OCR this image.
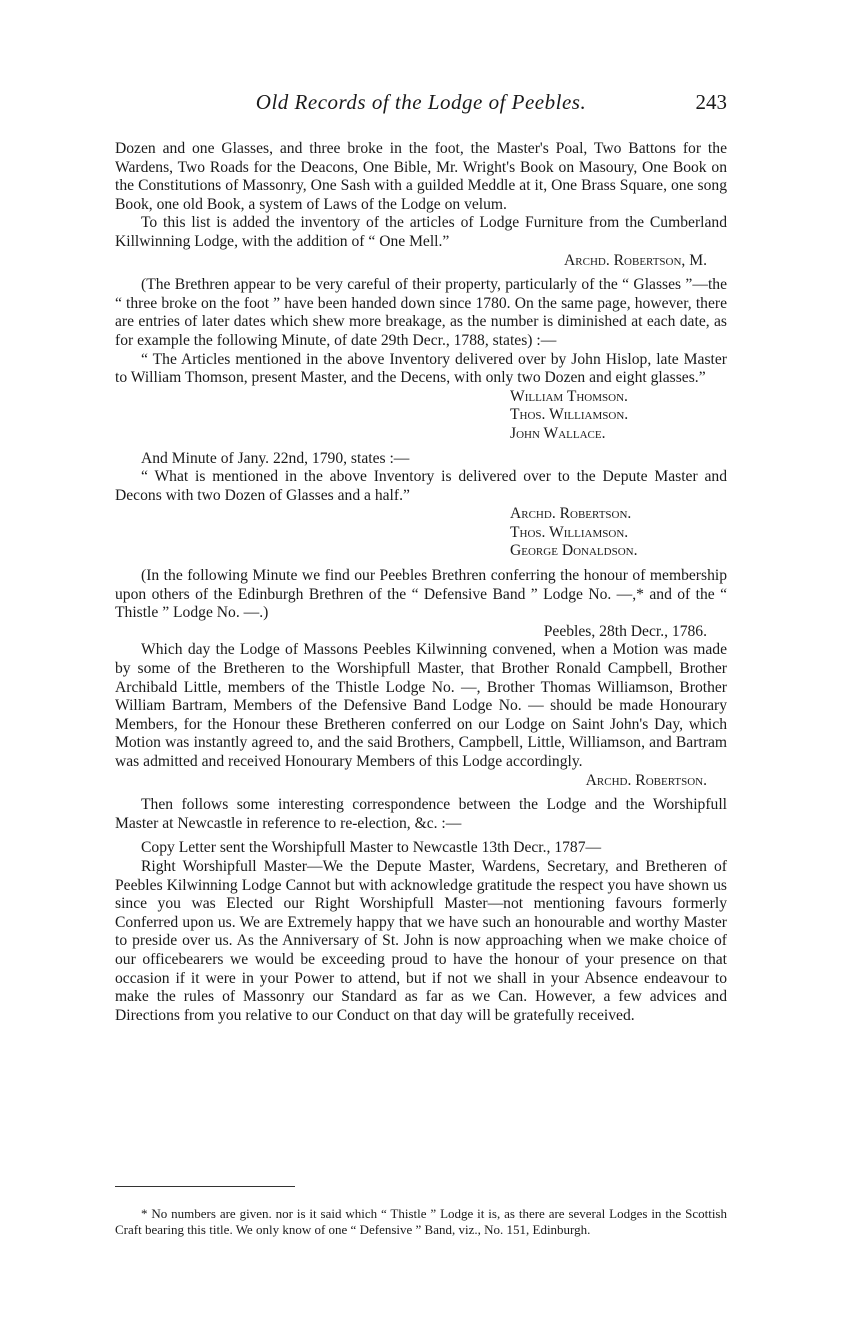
Old Records of the Lodge of Peebles.	243

Dozen and one Glasses, and three broke in the foot, the Master's Poal, Two Battons for the Wardens, Two Roads for the Deacons, One Bible, Mr. Wright's Book on Masoury, One Book on the Constitutions of Massonry, One Sash with a guilded Meddle at it, One Brass Square, one song Book, one old Book, a system of Laws of the Lodge on velum.

To this list is added the inventory of the articles of Lodge Furniture from the Cumberland Killwinning Lodge, with the addition of “ One Mell.”

Archd. Robertson, M.

(The Brethren appear to be very careful of their property, particularly of the “ Glasses ”—the “ three broke on the foot ” have been handed down since 1780. On the same page, however, there are entries of later dates which shew more breakage, as the number is diminished at each date, as for example the following Minute, of date 29th Decr., 1788, states) :—

“ The Articles mentioned in the above Inventory delivered over by John Hislop, late Master to William Thomson, present Master, and the Decens, with only two Dozen and eight glasses.”

William Thomson.
Thos. Williamson.
John Wallace.

And Minute of Jany. 22nd, 1790, states :—

“ What is mentioned in the above Inventory is delivered over to the Depute Master and Decons with two Dozen of Glasses and a half.”

Archd. Robertson.
Thos. Williamson.
George Donaldson.

(In the following Minute we find our Peebles Brethren conferring the honour of membership upon others of the Edinburgh Brethren of the “ Defensive Band ” Lodge No. —,* and of the “ Thistle ” Lodge No. —.)

Peebles, 28th Decr., 1786.

Which day the Lodge of Massons Peebles Kilwinning convened, when a Motion was made by some of the Bretheren to the Worshipfull Master, that Brother Ronald Campbell, Brother Archibald Little, members of the Thistle Lodge No. —, Brother Thomas Williamson, Brother William Bartram, Members of the Defensive Band Lodge No. — should be made Honourary Members, for the Honour these Bretheren conferred on our Lodge on Saint John's Day, which Motion was instantly agreed to, and the said Brothers, Campbell, Little, Williamson, and Bartram was admitted and received Honourary Members of this Lodge accordingly.

Archd. Robertson.

Then follows some interesting correspondence between the Lodge and the Worshipfull Master at Newcastle in reference to re-election, &c. :—

Copy Letter sent the Worshipfull Master to Newcastle 13th Decr., 1787—

Right Worshipfull Master—We the Depute Master, Wardens, Secretary, and Bretheren of Peebles Kilwinning Lodge Cannot but with acknowledge gratitude the respect you have shown us since you was Elected our Right Worshipfull Master—not mentioning favours formerly Conferred upon us. We are Extremely happy that we have such an honourable and worthy Master to preside over us. As the Anniversary of St. John is now approaching when we make choice of our officebearers we would be exceeding proud to have the honour of your presence on that occasion if it were in your Power to attend, but if not we shall in your Absence endeavour to make the rules of Massonry our Standard as far as we Can. However, a few advices and Directions from you relative to our Conduct on that day will be gratefully received.

* No numbers are given. nor is it said which “ Thistle ” Lodge it is, as there are several Lodges in the Scottish Craft bearing this title. We only know of one “ Defensive ” Band, viz., No. 151, Edinburgh.
